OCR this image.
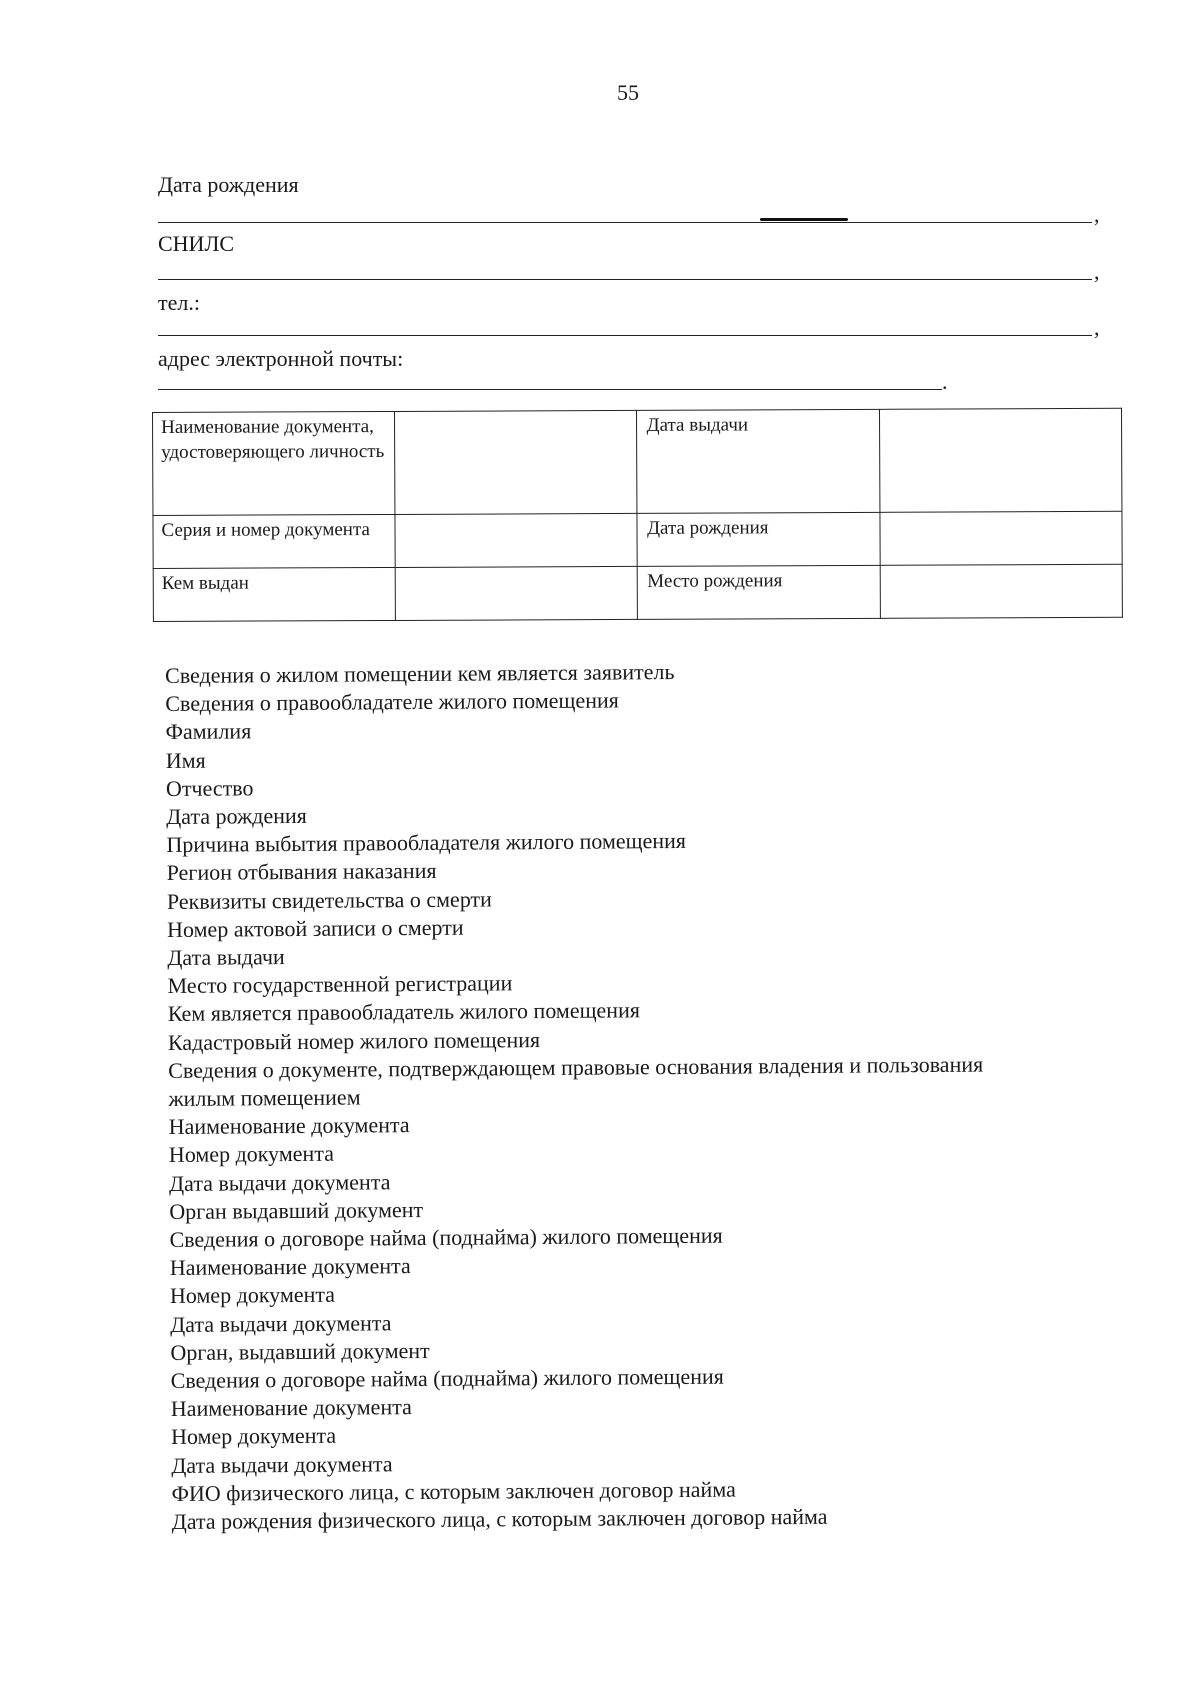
55
Дата рождения
,
СНИЛС
,
тел.:
,
адрес электронной почты:
.
Наименование документа, удостоверяющего личность		Дата выдачи	
Серия и номер документа		Дата рождения	
Кем выдан		Место рождения	
Сведения о жилом помещении кем является заявитель
Сведения о правообладателе жилого помещения
Фамилия
Имя
Отчество
Дата рождения
Причина выбытия правообладателя жилого помещения
Регион отбывания наказания
Реквизиты свидетельства о смерти
Номер актовой записи о смерти
Дата выдачи
Место государственной регистрации
Кем является правообладатель жилого помещения
Кадастровый номер жилого помещения
Сведения о документе, подтверждающем правовые основания владения и пользования
жилым помещением
Наименование документа
Номер документа
Дата выдачи документа
Орган выдавший документ
Сведения о договоре найма (поднайма) жилого помещения
Наименование документа
Номер документа
Дата выдачи документа
Орган, выдавший документ
Сведения о договоре найма (поднайма) жилого помещения
Наименование документа
Номер документа
Дата выдачи документа
ФИО физического лица, с которым заключен договор найма
Дата рождения физического лица, с которым заключен договор найма
